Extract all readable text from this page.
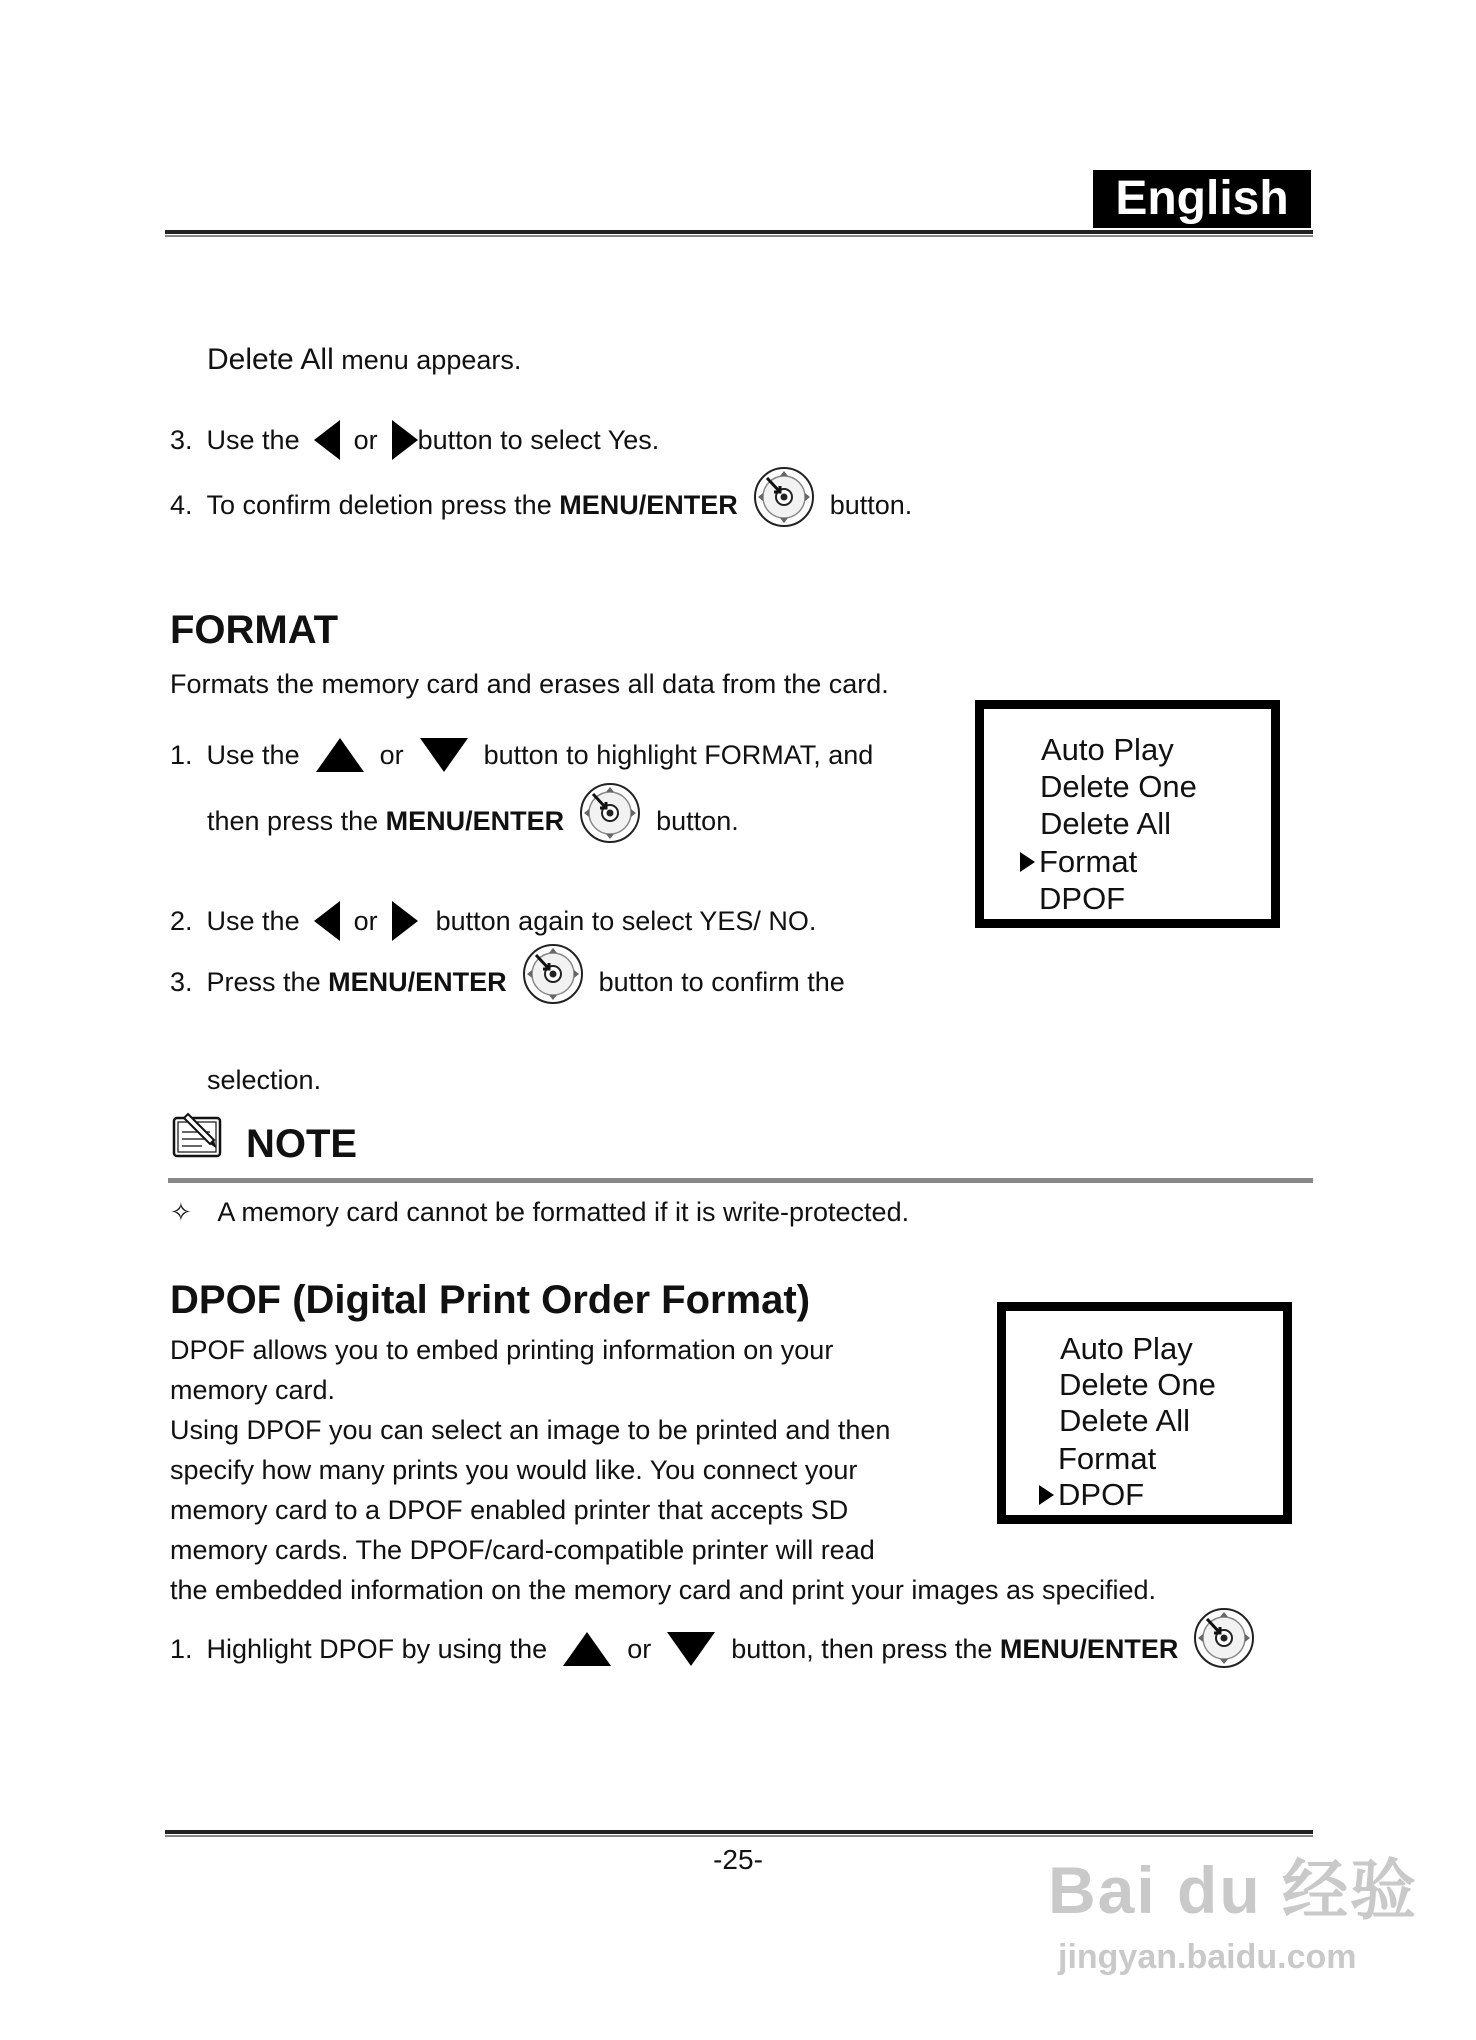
English
Delete All menu appears.
3. Use the or button to select Yes.
4. To confirm deletion press the MENU/ENTER	button.
FORMAT
Formats the memory card and erases all data from the card.
1. Use the	or	button to highlight FORMAT, and
then press the MENU/ENTER	button.
2. Use the or button again to select YES/ NO.
3. Press the MENU/ENTER	button to confirm the
selection.
Auto Play
Delete One
Delete All
Format
DPOF
NOTE
✧ A memory card cannot be formatted if it is write-protected.
DPOF (Digital Print Order Format)
DPOF allows you to embed printing information on your
memory card.
Using DPOF you can select an image to be printed and then
specify how many prints you would like. You connect your
memory card to a DPOF enabled printer that accepts SD
memory cards. The DPOF/card-compatible printer will read
the embedded information on the memory card and print your images as specified.
Auto Play
Delete One
Delete All
Format
DPOF
1. Highlight DPOF by using the	or	button, then press the MENU/ENTER
-25-	Bai du 经验
jingyan.baidu.com
